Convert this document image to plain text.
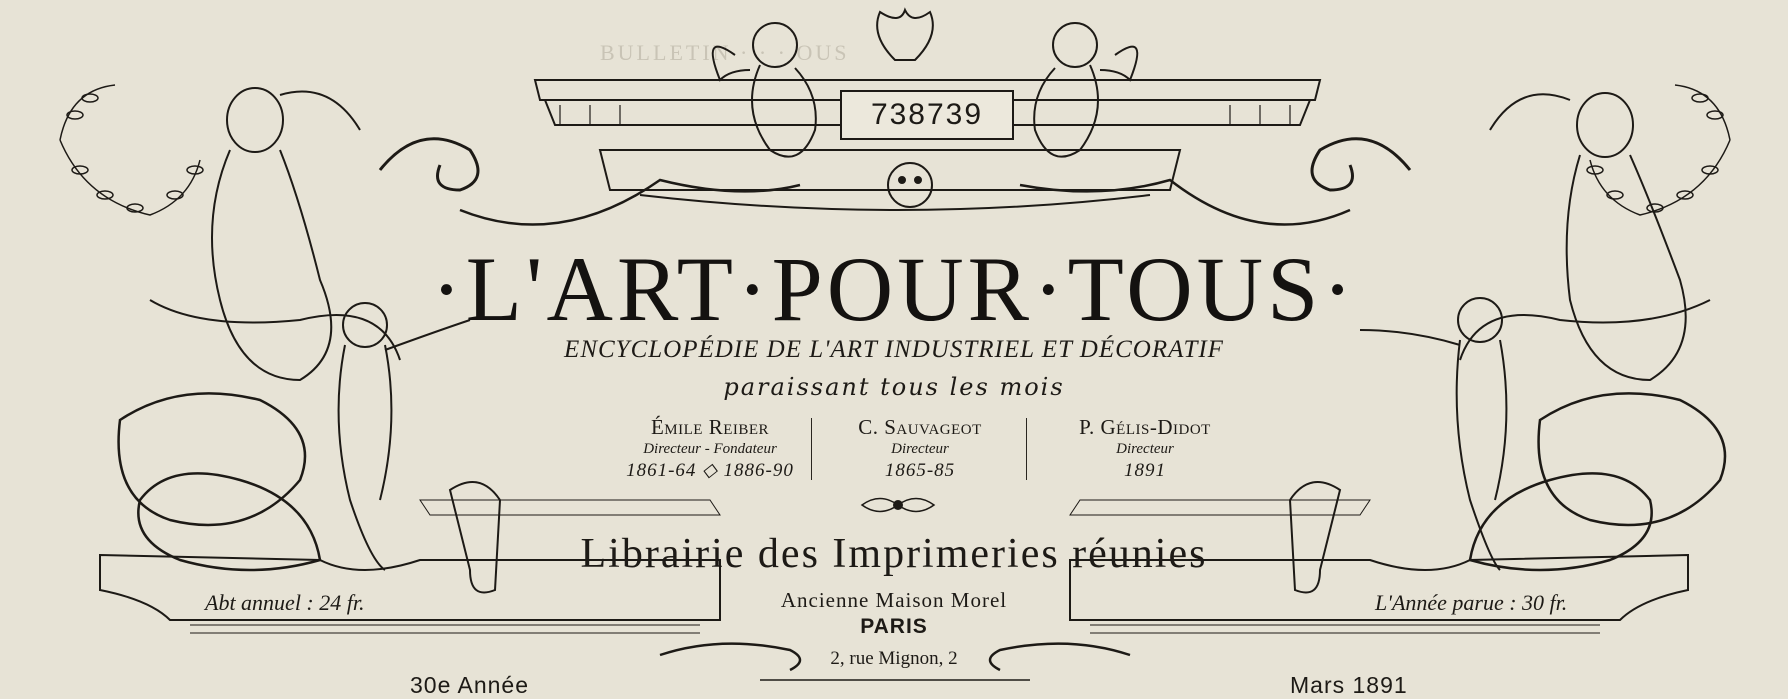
BULLETIN · · · OUS
738739
·L'ART·POUR·TOUS·
ENCYCLOPÉDIE DE L'ART INDUSTRIEL ET DÉCORATIF
paraissant tous les mois
Émile Reiber
Directeur - Fondateur
1861-64 ◇ 1886-90
C. Sauvageot
Directeur
1865-85
P. Gélis-Didot
Directeur
1891
Librairie des Imprimeries réunies
Ancienne Maison Morel
PARIS
2, rue Mignon, 2
Abt annuel : 24 fr.	L'Année parue : 30 fr.
30e Année	Mars 1891
